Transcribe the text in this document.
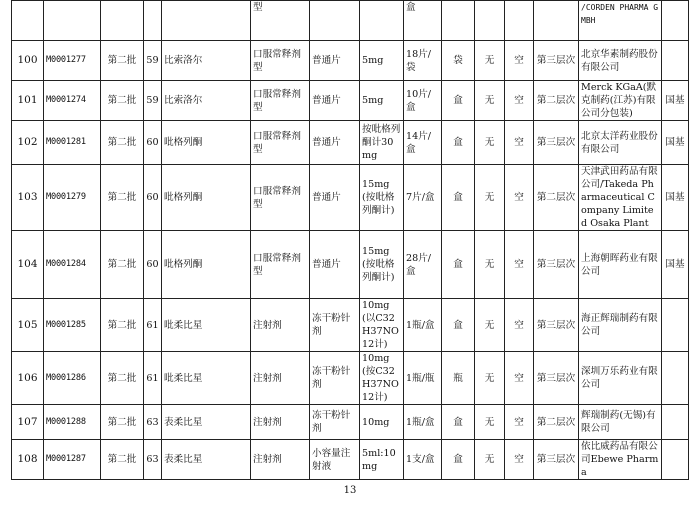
					型			盒					/CORDEN PHARMA GMBH	
100	M0001277	第二批	59	比索洛尔	口服常释剂型	普通片	5mg	18片/袋	袋	无	空	第三层次	北京华素制药股份有限公司	
101	M0001274	第二批	59	比索洛尔	口服常释剂型	普通片	5mg	10片/盒	盒	无	空	第二层次	Merck KGaA(默克制药(江苏)有限公司分包装)	国基
102	M0001281	第二批	60	吡格列酮	口服常释剂型	普通片	按吡格列酮计30mg	14片/盒	盒	无	空	第三层次	北京太洋药业股份有限公司	国基
103	M0001279	第二批	60	吡格列酮	口服常释剂型	普通片	15mg(按吡格列酮计)	7片/盒	盒	无	空	第二层次	天津武田药品有限公司/Takeda Pharmaceutical Company Limited Osaka Plant	国基
104	M0001284	第二批	60	吡格列酮	口服常释剂型	普通片	15mg(按吡格列酮计)	28片/盒	盒	无	空	第三层次	上海朝晖药业有限公司	国基
105	M0001285	第二批	61	吡柔比星	注射剂	冻干粉针剂	10mg(以C32H37NO12计)	1瓶/盒	盒	无	空	第三层次	海正辉瑞制药有限公司	
106	M0001286	第二批	61	吡柔比星	注射剂	冻干粉针剂	10mg(按C32H37NO12计)	1瓶/瓶	瓶	无	空	第三层次	深圳万乐药业有限公司	
107	M0001288	第二批	63	表柔比星	注射剂	冻干粉针剂	10mg	1瓶/盒	盒	无	空	第二层次	辉瑞制药(无锡)有限公司	
108	M0001287	第二批	63	表柔比星	注射剂	小容量注射液	5ml:10mg	1支/盒	盒	无	空	第三层次	依比威药品有限公司Ebewe Pharma	
13
